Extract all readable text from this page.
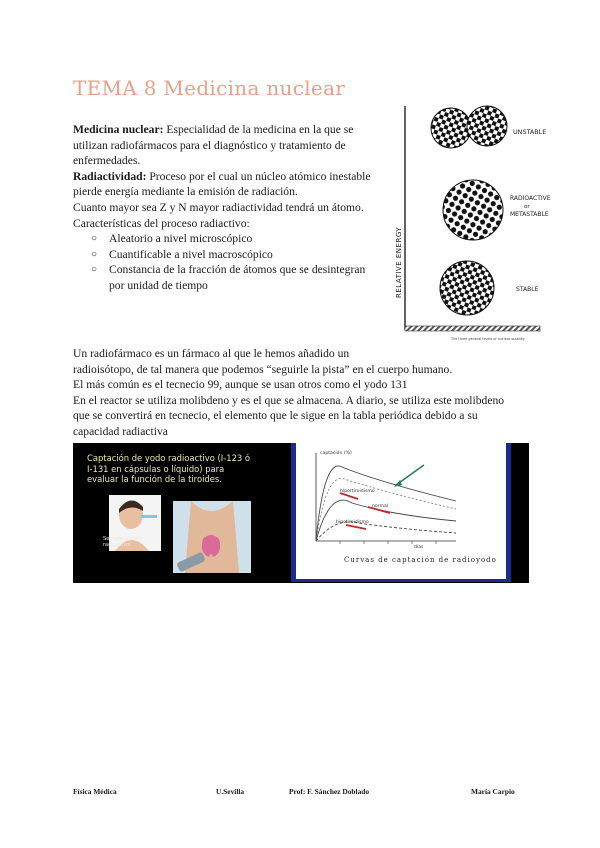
TEMA 8 Medicina nuclear

Medicina nuclear: Especialidad de la medicina en la que se utilizan radiofármacos para el diagnóstico y tratamiento de enfermedades.

Radiactividad: Proceso por el cual un núcleo atómico inestable pierde energía mediante la emisión de radiación.

Cuanto mayor sea Z y N mayor radiactividad tendrá un átomo.

Características del proceso radiactivo:

○ Aleatorio a nivel microscópico
○ Cuantificable a nivel macroscópico
○ Constancia de la fracción de átomos que se desintegran por unidad de tiempo	RELATIVE ENERGY
UNSTABLE
RADIOACTIVE
or
METASTABLE
STABLE
The three general levels of nuclear stability

Un radiofármaco es un fármaco al que le hemos añadido un

radioisótopo, de tal manera que podemos “seguirle la pista” en el cuerpo humano.

El más común es el tecnecio 99, aunque se usan otros como el yodo 131

En el reactor se utiliza molibdeno y es el que se almacena. A diario, se utiliza este molibdeno que se convertirá en tecnecio, el elemento que le sigue en la tabla periódica debido a su capacidad radiactiva

Captación de yodo radioactivo (I-123 ó I-131 en cápsulas o líquido) para evaluar la función de la tiroides.
Se ingiere yodo radioactivo
captación (%)
hipertiroidismo
normal
hipotiroidismo
días
Curvas de captación de radioyodo
Física Médica	U.Sevilla	Prof: F. Sánchez Doblado	María Carpio
